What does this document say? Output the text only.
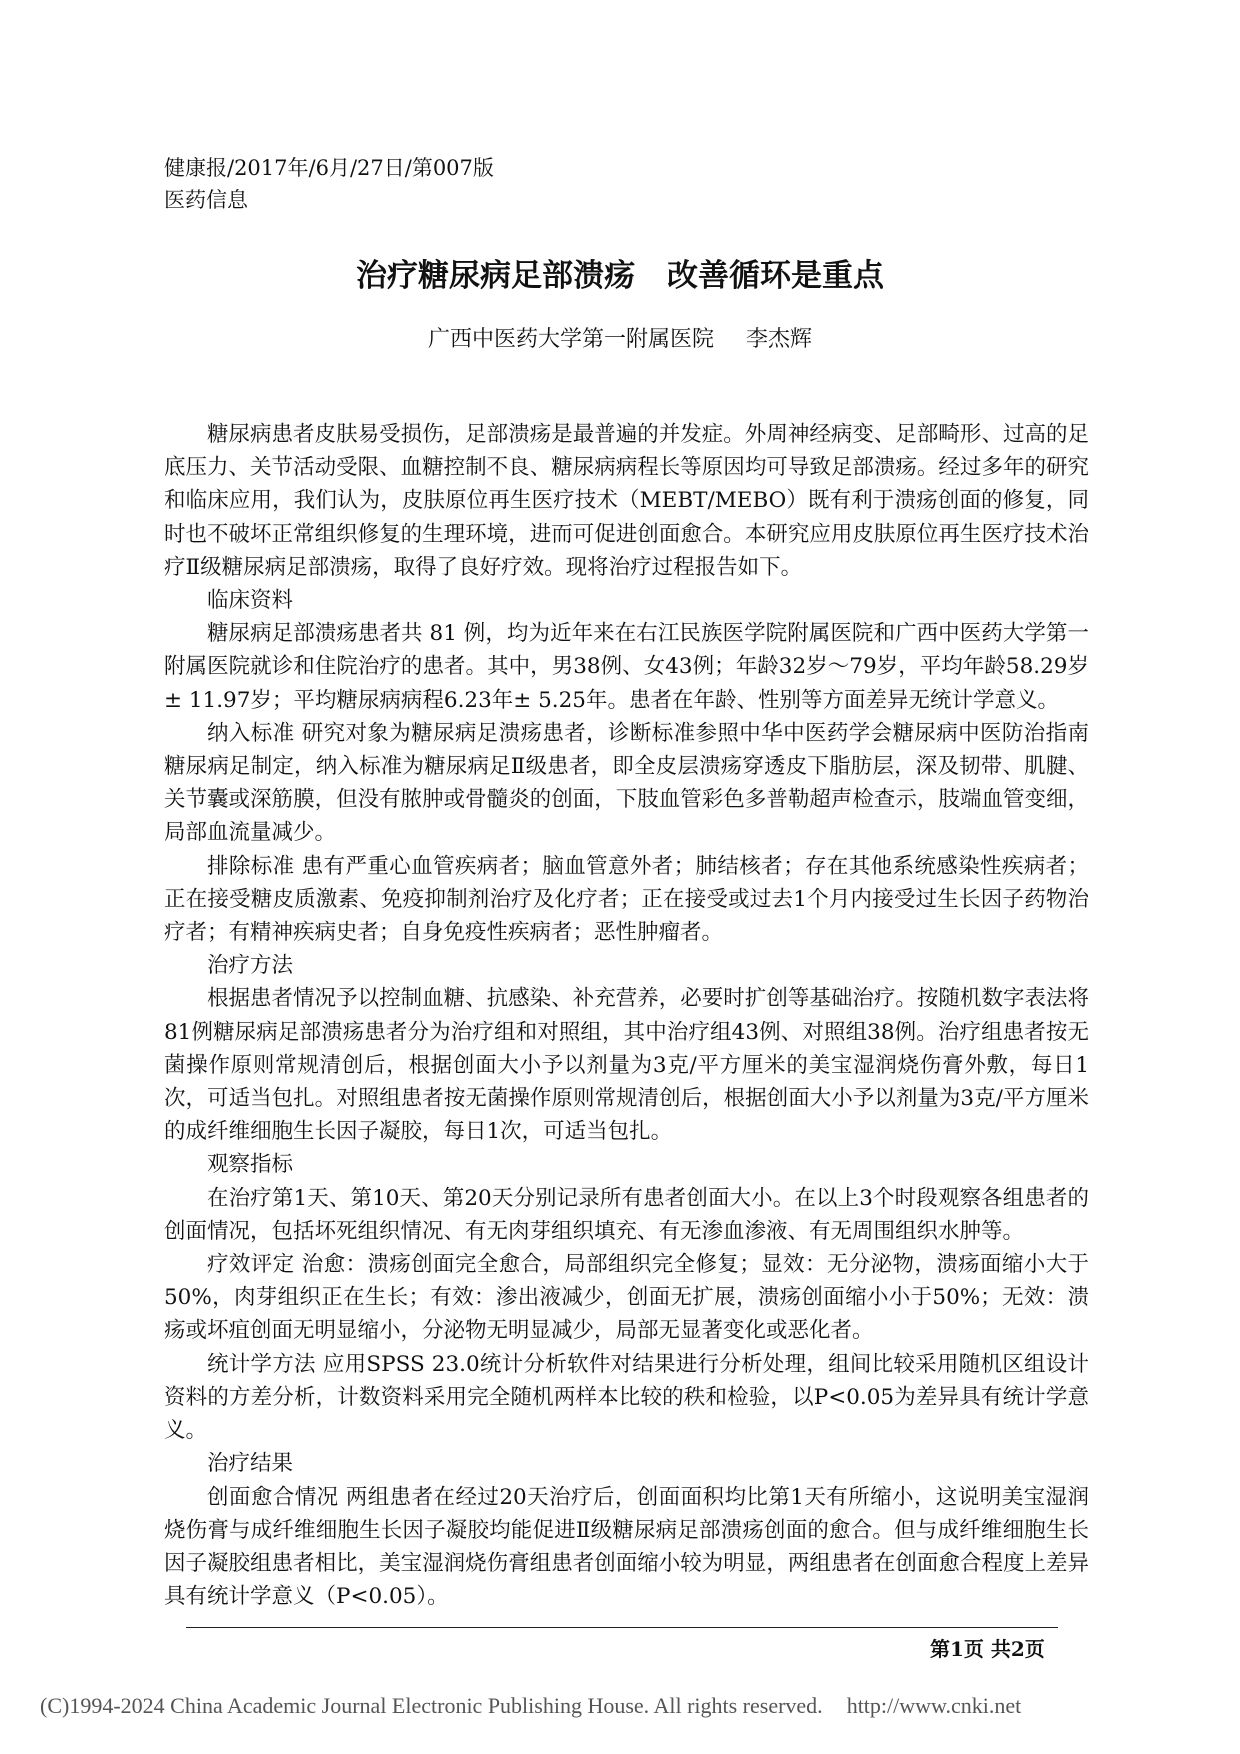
健康报/2017年/6月/27日/第007版
医药信息
治疗糖尿病足部溃疡 改善循环是重点
广西中医药大学第一附属医院 李杰辉

糖尿病患者皮肤易受损伤，足部溃疡是最普遍的并发症。外周神经病变、足部畸形、过高的足底压力、关节活动受限、血糖控制不良、糖尿病病程长等原因均可导致足部溃疡。经过多年的研究和临床应用，我们认为，皮肤原位再生医疗技术（MEBT/MEBO）既有利于溃疡创面的修复，同时也不破坏正常组织修复的生理环境，进而可促进创面愈合。本研究应用皮肤原位再生医疗技术治疗Ⅱ级糖尿病足部溃疡，取得了良好疗效。现将治疗过程报告如下。

临床资料

糖尿病足部溃疡患者共 81 例，均为近年来在右江民族医学院附属医院和广西中医药大学第一附属医院就诊和住院治疗的患者。其中，男38例、女43例；年龄32岁～79岁，平均年龄58.29岁± 11.97岁；平均糖尿病病程6.23年± 5.25年。患者在年龄、性别等方面差异无统计学意义。

纳入标准 研究对象为糖尿病足溃疡患者，诊断标准参照中华中医药学会糖尿病中医防治指南糖尿病足制定，纳入标准为糖尿病足Ⅱ级患者，即全皮层溃疡穿透皮下脂肪层，深及韧带、肌腱、关节囊或深筋膜，但没有脓肿或骨髓炎的创面，下肢血管彩色多普勒超声检查示，肢端血管变细，局部血流量减少。

排除标准 患有严重心血管疾病者；脑血管意外者；肺结核者；存在其他系统感染性疾病者；正在接受糖皮质激素、免疫抑制剂治疗及化疗者；正在接受或过去1个月内接受过生长因子药物治疗者；有精神疾病史者；自身免疫性疾病者；恶性肿瘤者。

治疗方法

根据患者情况予以控制血糖、抗感染、补充营养，必要时扩创等基础治疗。按随机数字表法将81例糖尿病足部溃疡患者分为治疗组和对照组，其中治疗组43例、对照组38例。治疗组患者按无菌操作原则常规清创后，根据创面大小予以剂量为3克/平方厘米的美宝湿润烧伤膏外敷，每日1次，可适当包扎。对照组患者按无菌操作原则常规清创后，根据创面大小予以剂量为3克/平方厘米的成纤维细胞生长因子凝胶，每日1次，可适当包扎。

观察指标

在治疗第1天、第10天、第20天分别记录所有患者创面大小。在以上3个时段观察各组患者的创面情况，包括坏死组织情况、有无肉芽组织填充、有无渗血渗液、有无周围组织水肿等。

疗效评定 治愈：溃疡创面完全愈合，局部组织完全修复；显效：无分泌物，溃疡面缩小大于50%，肉芽组织正在生长；有效：渗出液减少，创面无扩展，溃疡创面缩小小于50%；无效：溃疡或坏疽创面无明显缩小，分泌物无明显减少，局部无显著变化或恶化者。

统计学方法 应用SPSS 23.0统计分析软件对结果进行分析处理，组间比较采用随机区组设计资料的方差分析，计数资料采用完全随机两样本比较的秩和检验，以P<0.05为差异具有统计学意义。

治疗结果

创面愈合情况 两组患者在经过20天治疗后，创面面积均比第1天有所缩小，这说明美宝湿润烧伤膏与成纤维细胞生长因子凝胶均能促进Ⅱ级糖尿病足部溃疡创面的愈合。但与成纤维细胞生长因子凝胶组患者相比，美宝湿润烧伤膏组患者创面缩小较为明显，两组患者在创面愈合程度上差异具有统计学意义（P<0.05）。

第1页 共2页
(C)1994-2024 China Academic Journal Electronic Publishing House. All rights reserved. http://www.cnki.net
